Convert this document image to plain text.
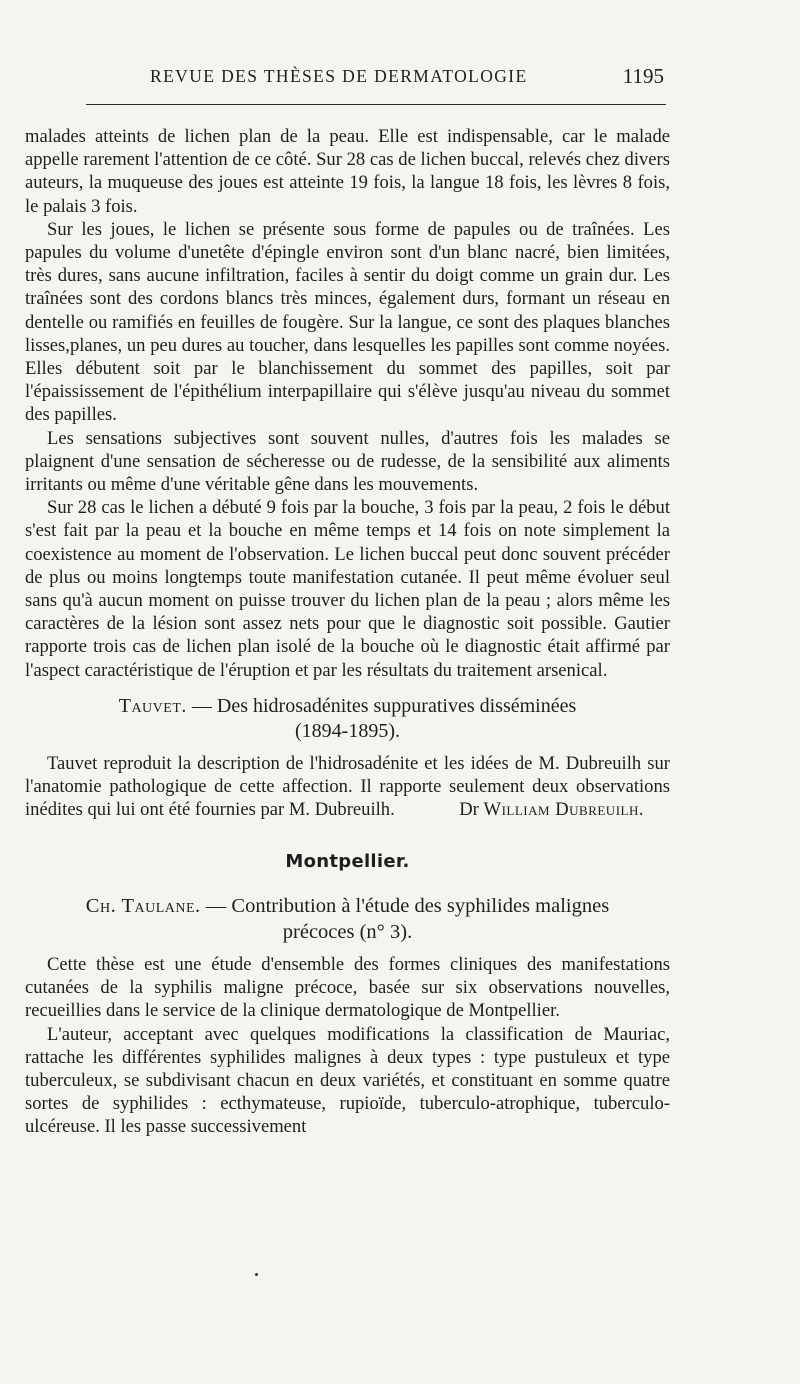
REVUE DES THÈSES DE DERMATOLOGIE	1195

malades atteints de lichen plan de la peau. Elle est indispensable, car le malade appelle rarement l'attention de ce côté. Sur 28 cas de lichen buccal, relevés chez divers auteurs, la muqueuse des joues est atteinte 19 fois, la langue 18 fois, les lèvres 8 fois, le palais 3 fois.

Sur les joues, le lichen se présente sous forme de papules ou de traînées. Les papules du volume d'unetête d'épingle environ sont d'un blanc nacré, bien limitées, très dures, sans aucune infiltration, faciles à sentir du doigt comme un grain dur. Les traînées sont des cordons blancs très minces, également durs, formant un réseau en dentelle ou ramifiés en feuilles de fougère. Sur la langue, ce sont des plaques blanches lisses,planes, un peu dures au toucher, dans lesquelles les papilles sont comme noyées. Elles débutent soit par le blanchissement du sommet des papilles, soit par l'épaississement de l'épithélium interpapillaire qui s'élève jusqu'au niveau du sommet des papilles.

Les sensations subjectives sont souvent nulles, d'autres fois les malades se plaignent d'une sensation de sécheresse ou de rudesse, de la sensibilité aux aliments irritants ou même d'une véritable gêne dans les mouvements.

Sur 28 cas le lichen a débuté 9 fois par la bouche, 3 fois par la peau, 2 fois le début s'est fait par la peau et la bouche en même temps et 14 fois on note simplement la coexistence au moment de l'observation. Le lichen buccal peut donc souvent précéder de plus ou moins longtemps toute manifestation cutanée. Il peut même évoluer seul sans qu'à aucun moment on puisse trouver du lichen plan de la peau ; alors même les caractères de la lésion sont assez nets pour que le diagnostic soit possible. Gautier rapporte trois cas de lichen plan isolé de la bouche où le diagnostic était affirmé par l'aspect caractéristique de l'éruption et par les résultats du traitement arsenical.

Tauvet. — Des hidrosadénites suppuratives disséminées
(1894-1895).

Tauvet reproduit la description de l'hidrosadénite et les idées de M. Dubreuilh sur l'anatomie pathologique de cette affection. Il rapporte seulement deux observations inédites qui lui ont été fournies par M. Dubreuilh.	Dr William Dubreuilh.
Montpellier.
Ch. Taulane. — Contribution à l'étude des syphilides malignes
précoces (n° 3).

Cette thèse est une étude d'ensemble des formes cliniques des manifestations cutanées de la syphilis maligne précoce, basée sur six observations nouvelles, recueillies dans le service de la clinique dermatologique de Montpellier.

L'auteur, acceptant avec quelques modifications la classification de Mauriac, rattache les différentes syphilides malignes à deux types : type pustuleux et type tuberculeux, se subdivisant chacun en deux variétés, et constituant en somme quatre sortes de syphilides : ecthymateuse, rupioïde, tuberculo-atrophique, tuberculo-ulcéreuse. Il les passe successivement
